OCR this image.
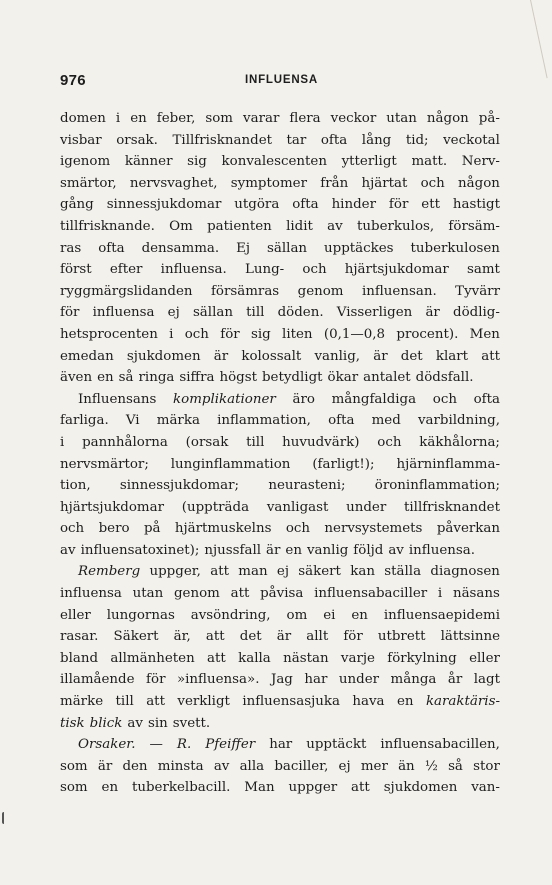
976	INFLUENSA
domen i en feber, som varar flera veckor utan någon på-
visbar orsak. Tillfrisknandet tar ofta lång tid; veckotal
igenom känner sig konvalescenten ytterligt matt. Nerv-
smärtor, nervsvaghet, symptomer från hjärtat och någon
gång sinnessjukdomar utgöra ofta hinder för ett hastigt
tillfrisknande. Om patienten lidit av tuberkulos, försäm-
ras ofta densamma. Ej sällan upptäckes tuberkulosen
först efter influensa. Lung- och hjärtsjukdomar samt
ryggmärgslidanden försämras genom influensan. Tyvärr
för influensa ej sällan till döden. Visserligen är dödlig-
hetsprocenten i och för sig liten (0,1—0,8 procent). Men
emedan sjukdomen är kolossalt vanlig, är det klart att
även en så ringa siffra högst betydligt ökar antalet dödsfall.
Influensans komplikationer äro mångfaldiga och ofta
farliga. Vi märka inflammation, ofta med varbildning,
i pannhålorna (orsak till huvudvärk) och käkhålorna;
nervsmärtor; lunginflammation (farligt!); hjärninflamma-
tion, sinnessjukdomar; neurasteni; öroninflammation;
hjärtsjukdomar (uppträda vanligast under tillfrisknandet
och bero på hjärtmuskelns och nervsystemets påverkan
av influensatoxinet); njussfall är en vanlig följd av influensa.
Remberg uppger, att man ej säkert kan ställa diagnosen
influensa utan genom att påvisa influensabaciller i näsans
eller lungornas avsöndring, om ei en influensaepidemi
rasar. Säkert är, att det är allt för utbrett lättsinne
bland allmänheten att kalla nästan varje förkylning eller
illamående för »influensa». Jag har under många år lagt
märke till att verkligt influensasjuka hava en karaktäris-
tisk blick av sin svett.
Orsaker. — R. Pfeiffer har upptäckt influensabacillen,
som är den minsta av alla baciller, ej mer än ½ så stor
som en tuberkelbacill. Man uppger att sjukdomen van-
